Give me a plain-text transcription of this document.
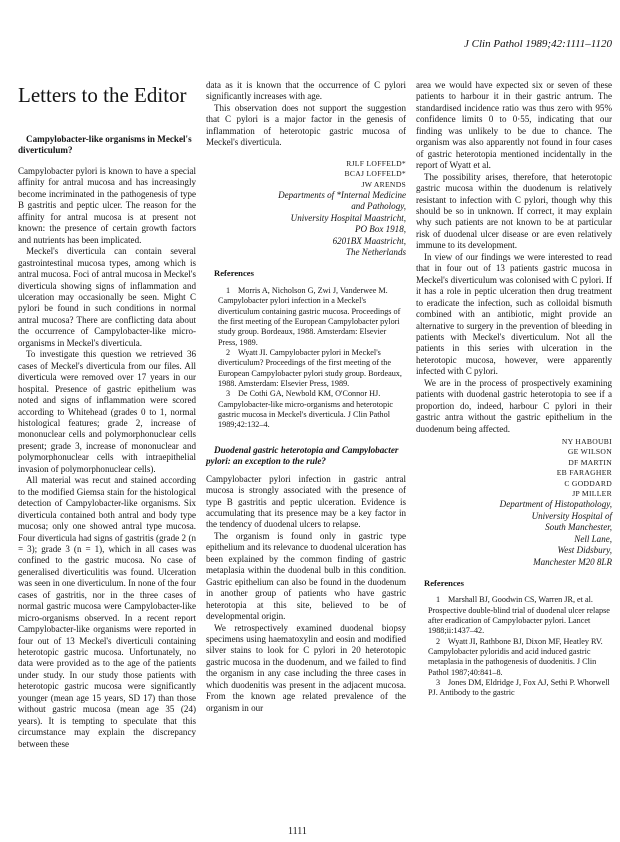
J Clin Pathol 1989;42:1111–1120
Letters to the Editor

Campylobacter-like organisms in Meckel's diverticulum?

Campylobacter pylori is known to have a special affinity for antral mucosa and has increasingly become incriminated in the pathogenesis of type B gastritis and peptic ulcer. The reason for the affinity for antral mucosa is at present not known: the presence of certain growth factors and nutrients has been implicated.

Meckel's diverticula can contain several gastrointestinal mucosa types, among which is antral mucosa. Foci of antral mucosa in Meckel's diverticula showing signs of inflammation and ulceration may occasionally be seen. Might C pylori be found in such conditions in normal antral mucosa? There are conflicting data about the occurrence of Campylobacter-like micro-organisms in Meckel's diverticula.

To investigate this question we retrieved 36 cases of Meckel's diverticula from our files. All diverticula were removed over 17 years in our hospital. Presence of gastric epithelium was noted and signs of inflammation were scored according to Whitehead (grades 0 to 1, normal histological features; grade 2, increase of mononuclear cells and polymorphonuclear cells present; grade 3, increase of mononuclear and polymorphonuclear cells with intraepithelial invasion of polymorphonuclear cells).

All material was recut and stained according to the modified Giemsa stain for the histological detection of Campylobacter-like organisms. Six diverticula contained both antral and body type mucosa; only one showed antral type mucosa. Four diverticula had signs of gastritis (grade 2 (n = 3); grade 3 (n = 1), which in all cases was confined to the gastric mucosa. No case of generalised diverticulitis was found. Ulceration was seen in one diverticulum. In none of the four cases of gastritis, nor in the three cases of normal gastric mucosa were Campylobacter-like micro-organisms observed. In a recent report Campylobacter-like organisms were reported in four out of 13 Meckel's diverticuli containing heterotopic gastric mucosa. Unfortunately, no data were provided as to the age of the patients under study. In our study those patients with heterotopic gastric mucosa were significantly younger (mean age 15 years, SD 17) than those without gastric mucosa (mean age 35 (24) years). It is tempting to speculate that this circumstance may explain the discrepancy between these

data as it is known that the occurrence of C pylori significantly increases with age.

This observation does not support the suggestion that C pylori is a major factor in the genesis of inflammation of heterotopic gastric mucosa of Meckel's diverticula.

RJLF LOFFELD*

BCAJ LOFFELD*

JW ARENDS

Departments of *Internal Medicine

and Pathology,

University Hospital Maastricht,

PO Box 1918,

6201BX Maastricht,

The Netherlands

References

1 Morris A, Nicholson G, Zwi J, Vanderwee M. Campylobacter pylori infection in a Meckel's diverticulum containing gastric mucosa. Proceedings of the first meeting of the European Campylobacter pylori study group. Bordeaux, 1988. Amsterdam: Elsevier Press, 1989.

2 Wyatt JI. Campylobacter pylori in Meckel's diverticulum? Proceedings of the first meeting of the European Campylobacter pylori study group. Bordeaux, 1988. Amsterdam: Elsevier Press, 1989.

3 De Cothi GA, Newbold KM, O'Connor HJ. Campylobacter-like micro-organisms and heterotopic gastric mucosa in Meckel's diverticula. J Clin Pathol 1989;42:132–4.

Duodenal gastric heterotopia and Campylobacter pylori: an exception to the rule?

Campylobacter pylori infection in gastric antral mucosa is strongly associated with the presence of type B gastritis and peptic ulceration. Evidence is accumulating that its presence may be a key factor in the tendency of duodenal ulcers to relapse.

The organism is found only in gastric type epithelium and its relevance to duodenal ulceration has been explained by the common finding of gastric metaplasia within the duodenal bulb in this condition. Gastric epithelium can also be found in the duodenum in another group of patients who have gastric heterotopia at this site, believed to be of developmental origin.

We retrospectively examined duodenal biopsy specimens using haematoxylin and eosin and modified silver stains to look for C pylori in 20 heterotopic gastric mucosa in the duodenum, and we failed to find the organism in any case including the three cases in which duodenitis was present in the adjacent mucosa. From the known age related prevalence of the organism in our

area we would have expected six or seven of these patients to harbour it in their gastric antrum. The standardised incidence ratio was thus zero with 95% confidence limits 0 to 0·55, indicating that our finding was unlikely to be due to chance. The organism was also apparently not found in four cases of gastric heterotopia mentioned incidentally in the report of Wyatt et al.

The possibility arises, therefore, that heterotopic gastric mucosa within the duodenum is relatively resistant to infection with C pylori, though why this should be so in unknown. If correct, it may explain why such patients are not known to be at particular risk of duodenal ulcer disease or are even relatively immune to its development.

In view of our findings we were interested to read that in four out of 13 patients gastric mucosa in Meckel's diverticulum was colonised with C pylori. If it has a role in peptic ulceration then drug treatment to eradicate the infection, such as colloidal bismuth combined with an antibiotic, might provide an alternative to surgery in the prevention of bleeding in patients with Meckel's diverticulum. Not all the patients in this series with ulceration in the heterotopic mucosa, however, were apparently infected with C pylori.

We are in the process of prospectively examining patients with duodenal gastric heterotopia to see if a proportion do, indeed, harbour C pylori in their gastric antra without the gastric epithelium in the duodenum being affected.

NY HABOUBI

GE WILSON

DF MARTIN

EB FARAGHER

C GODDARD

JP MILLER

Department of Histopathology,

University Hospital of

South Manchester,

Nell Lane,

West Didsbury,

Manchester M20 8LR

References

1 Marshall BJ, Goodwin CS, Warren JR, et al. Prospective double-blind trial of duodenal ulcer relapse after eradication of Campylobacter pylori. Lancet 1988;ii:1437–42.

2 Wyatt JI, Rathbone BJ, Dixon MF, Heatley RV. Campylobacter pyloridis and acid induced gastric metaplasia in the pathogenesis of duodenitis. J Clin Pathol 1987;40:841–8.

3 Jones DM, Eldridge J, Fox AJ, Sethi P. Whorwell PJ. Antibody to the gastric

1111
